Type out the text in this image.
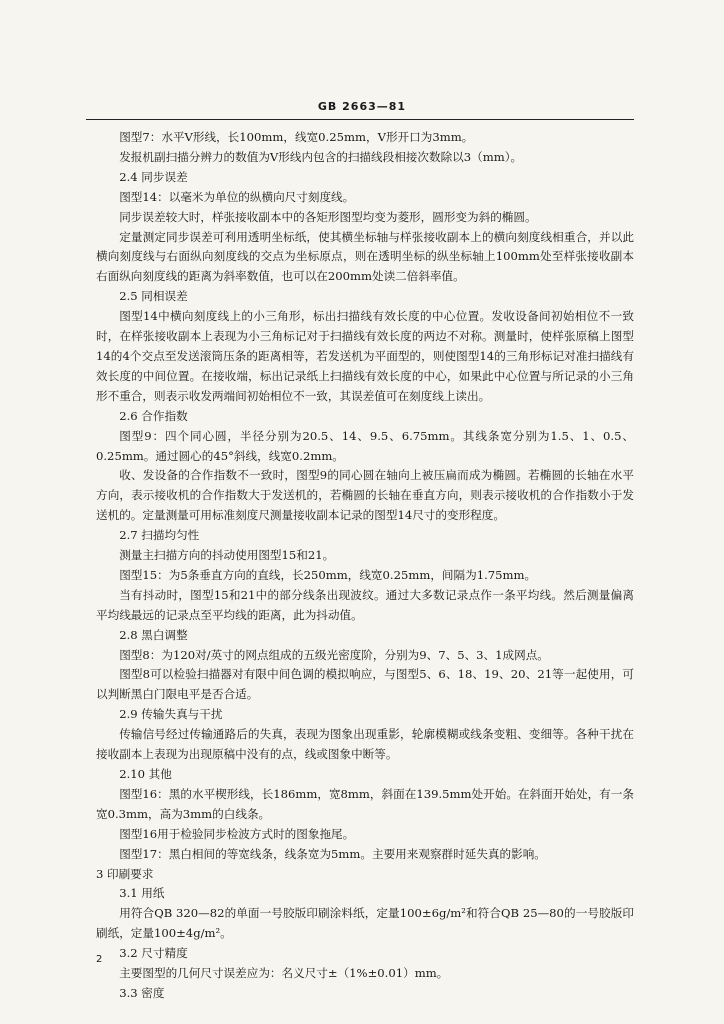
GB 2663—81

图型7：水平V形线，长100mm，线宽0.25mm，V形开口为3mm。

发报机副扫描分辨力的数值为V形线内包含的扫描线段相接次数除以3（mm）。

2.4 同步误差

图型14：以毫米为单位的纵横向尺寸刻度线。

同步误差较大时，样张接收副本中的各矩形图型均变为菱形，圆形变为斜的椭圆。

定量测定同步误差可利用透明坐标纸，使其横坐标轴与样张接收副本上的横向刻度线相重合，并以此横向刻度线与右面纵向刻度线的交点为坐标原点，则在透明坐标的纵坐标轴上100mm处至样张接收副本右面纵向刻度线的距离为斜率数值，也可以在200mm处读二倍斜率值。

2.5 同相误差

图型14中横向刻度线上的小三角形，标出扫描线有效长度的中心位置。发收设备间初始相位不一致时，在样张接收副本上表现为小三角标记对于扫描线有效长度的两边不对称。测量时，使样张原稿上图型14的4个交点至发送滚筒压条的距离相等，若发送机为平面型的，则使图型14的三角形标记对准扫描线有效长度的中间位置。在接收端，标出记录纸上扫描线有效长度的中心，如果此中心位置与所记录的小三角形不重合，则表示收发两端间初始相位不一致，其误差值可在刻度线上读出。

2.6 合作指数

图型9：四个同心圆，半径分别为20.5、14、9.5、6.75mm。其线条宽分别为1.5、1、0.5、0.25mm。通过圆心的45°斜线，线宽0.2mm。

收、发设备的合作指数不一致时，图型9的同心圆在轴向上被压扁而成为椭圆。若椭圆的长轴在水平方向，表示接收机的合作指数大于发送机的，若椭圆的长轴在垂直方向，则表示接收机的合作指数小于发送机的。定量测量可用标准刻度尺测量接收副本记录的图型14尺寸的变形程度。

2.7 扫描均匀性

测量主扫描方向的抖动使用图型15和21。

图型15：为5条垂直方向的直线，长250mm，线宽0.25mm，间隔为1.75mm。

当有抖动时，图型15和21中的部分线条出现波纹。通过大多数记录点作一条平均线。然后测量偏离平均线最远的记录点至平均线的距离，此为抖动值。

2.8 黑白调整

图型8：为120对/英寸的网点组成的五级光密度阶，分别为9、7、5、3、1成网点。

图型8可以检验扫描器对有限中间色调的模拟响应，与图型5、6、18、19、20、21等一起使用，可以判断黑白门限电平是否合适。

2.9 传输失真与干扰

传输信号经过传输通路后的失真，表现为图象出现重影，轮廓模糊或线条变粗、变细等。各种干扰在接收副本上表现为出现原稿中没有的点，线或图象中断等。

2.10 其他

图型16：黑的水平楔形线，长186mm，宽8mm，斜面在139.5mm处开始。在斜面开始处，有一条宽0.3mm，高为3mm的白线条。

图型16用于检验同步检波方式时的图象拖尾。

图型17：黑白相间的等宽线条，线条宽为5mm。主要用来观察群时延失真的影响。

3 印刷要求

3.1 用纸

用符合QB 320—82的单面一号胶版印刷涂料纸，定量100±6g/m²和符合QB 25—80的一号胶版印刷纸，定量100±4g/m²。

3.2 尺寸精度

主要图型的几何尺寸误差应为：名义尺寸±（1%±0.01）mm。

3.3 密度

2
